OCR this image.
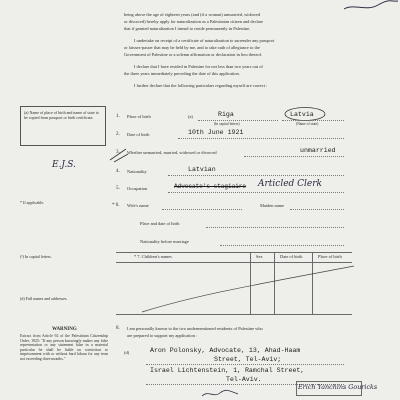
being above the age of eighteen years (and (if a woman) unmarried, widowed
or divorced) hereby apply for naturalization as a Palestinian citizen and declare
that if granted naturalization I intend to reside permanently in Palestine.
I undertake on receipt of a certificate of naturalization to surrender any passport
or laissez-passer that may be held by me, and to take oath of allegiance to the
Government of Palestine or a solemn affirmation or declaration in lieu thereof.
I declare that I have resided in Palestine for not less than two years out of
the three years immediately preceding the date of this application.
I further declare that the following particulars regarding myself are correct :
(a) Name of place of birth and name of state to be copied from passport or birth certificate.	1. Place of birth	(a)	Riga	Latvia
(In capital letters)	(Name of state)
2. Date of birth	10th June 1921
3. Whether unmarried, married, widowed or divorced	unmarried
E.J.S.
4. Nationality	Latvian
5. Occupation	Advocate's stagiaire Articled Clerk
* If applicable.
* 6. Wife's name	Maiden name
Place and date of birth
Nationality before marriage
* 7. Children's names	Sex	Date of birth	Place of birth
(¹) In capital letters.
(d) Full names and addresses.
WARNING
Extract from Article 92 of the Palestinian Citizenship Order, 1925: "If any person knowingly makes any false representation or any statement false in a material particular he shall be liable on conviction to imprisonment with or without hard labour for any term not exceeding three months."
8. I am personally known to the two undermentioned residents of Palestine who
are prepared to support my application :
(d)	Aron Polonsky, Advocate, 13, Ahad-Haam
Street, Tel-Aviv;
Israel Lichtenstein, 1, Ramchal Street,
Tel-Aviv.
Erich Yanchins Gouricks
